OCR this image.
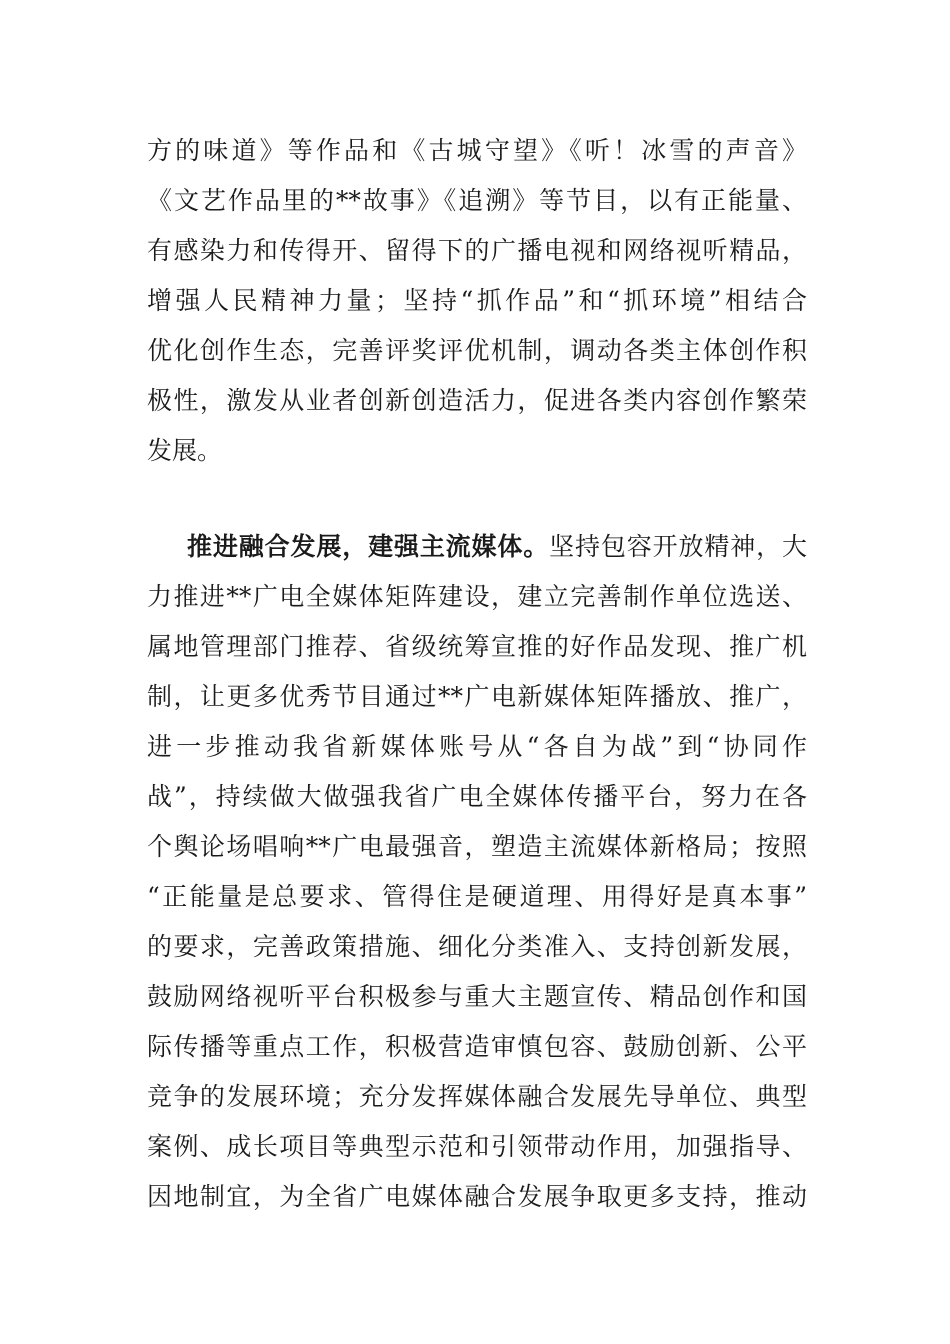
方的味道》等作品和《古城守望》《听！冰雪的声音》
《文艺作品里的**故事》《追溯》等节目，以有正能量、
有感染力和传得开、留得下的广播电视和网络视听精品，
增强人民精神力量；坚持“抓作品”和“抓环境”相结合
优化创作生态，完善评奖评优机制，调动各类主体创作积
极性，激发从业者创新创造活力，促进各类内容创作繁荣
发展。
推进融合发展，建强主流媒体。坚持包容开放精神，大
力推进**广电全媒体矩阵建设，建立完善制作单位选送、
属地管理部门推荐、省级统筹宣推的好作品发现、推广机
制，让更多优秀节目通过**广电新媒体矩阵播放、推广，
进一步推动我省新媒体账号从“各自为战”到“协同作
战”，持续做大做强我省广电全媒体传播平台，努力在各
个舆论场唱响**广电最强音，塑造主流媒体新格局；按照
“正能量是总要求、管得住是硬道理、用得好是真本事”
的要求，完善政策措施、细化分类准入、支持创新发展，
鼓励网络视听平台积极参与重大主题宣传、精品创作和国
际传播等重点工作，积极营造审慎包容、鼓励创新、公平
竞争的发展环境；充分发挥媒体融合发展先导单位、典型
案例、成长项目等典型示范和引领带动作用，加强指导、
因地制宜，为全省广电媒体融合发展争取更多支持，推动
